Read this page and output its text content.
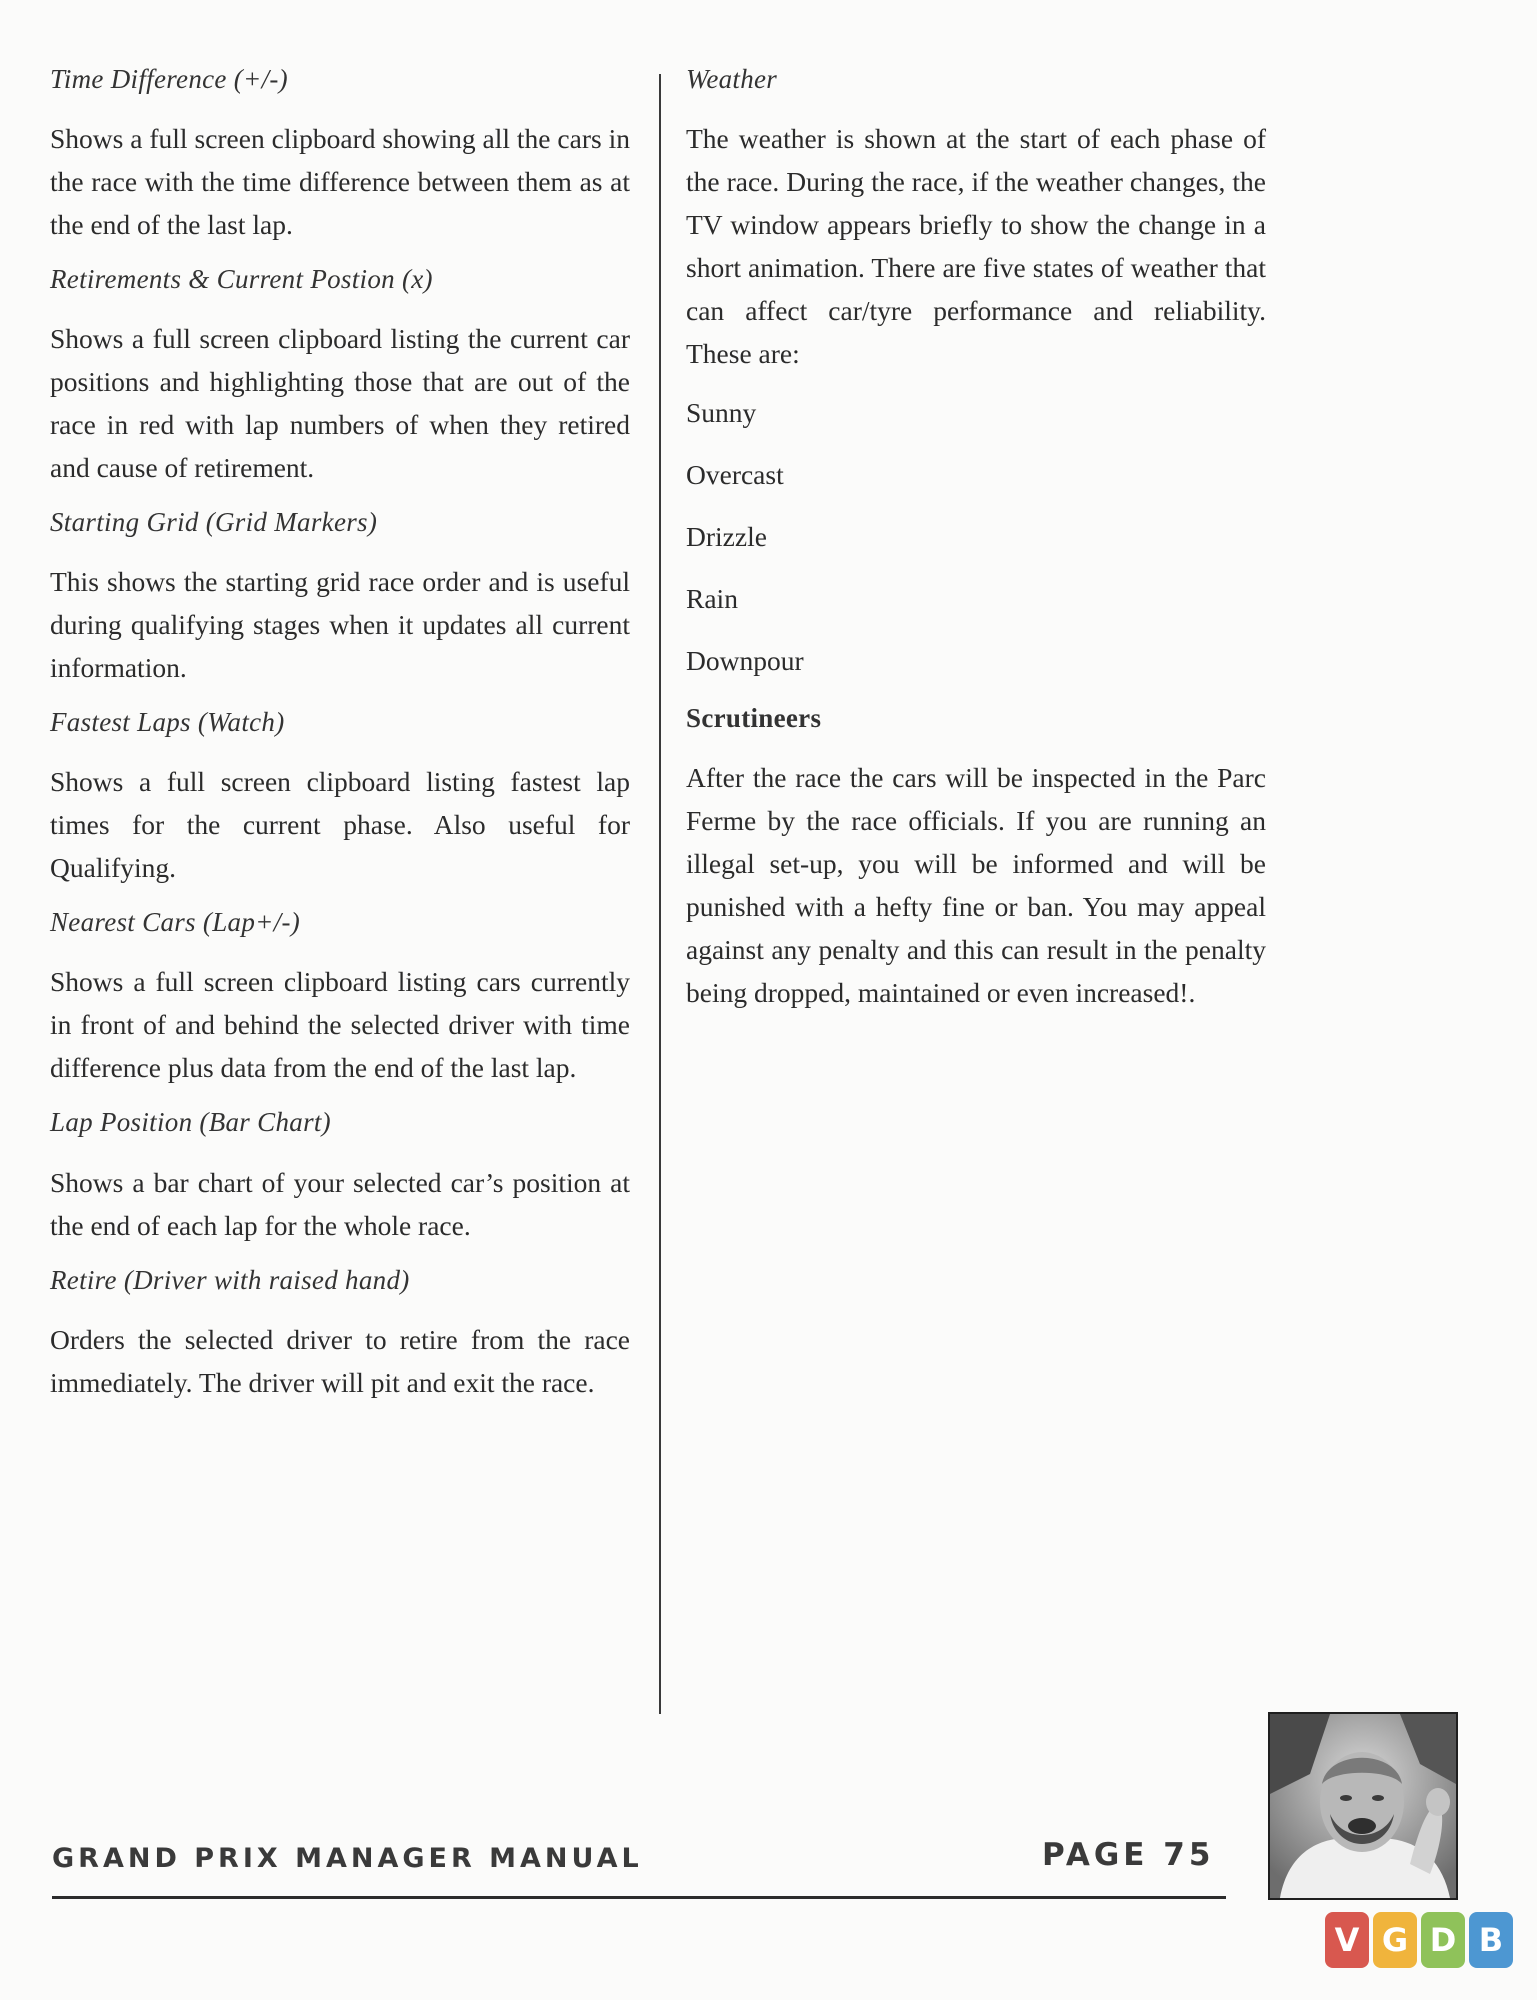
Time Difference (+/-)

Shows a full screen clipboard showing all the cars in the race with the time difference between them as at the end of the last lap.

Retirements & Current Postion (x)

Shows a full screen clipboard listing the current car positions and highlighting those that are out of the race in red with lap numbers of when they retired and cause of retirement.

Starting Grid (Grid Markers)

This shows the starting grid race order and is useful during qualifying stages when it updates all current information.

Fastest Laps (Watch)

Shows a full screen clipboard listing fastest lap times for the current phase. Also useful for Qualifying.

Nearest Cars (Lap+/-)

Shows a full screen clipboard listing cars currently in front of and behind the selected driver with time difference plus data from the end of the last lap.

Lap Position (Bar Chart)

Shows a bar chart of your selected car’s position at the end of each lap for the whole race.

Retire (Driver with raised hand)

Orders the selected driver to retire from the race immediately. The driver will pit and exit the race.

Weather

The weather is shown at the start of each phase of the race. During the race, if the weather changes, the TV window appears briefly to show the change in a short animation. There are five states of weather that can affect car/tyre performance and reliability. These are:

Sunny

Overcast

Drizzle

Rain

Downpour

Scrutineers

After the race the cars will be inspected in the Parc Ferme by the race officials. If you are running an illegal set-up, you will be informed and will be punished with a hefty fine or ban. You may appeal against any penalty and this can result in the penalty being dropped, maintained or even increased!.

GRAND PRIX MANAGER MANUAL	PAGE 75
V G D B
